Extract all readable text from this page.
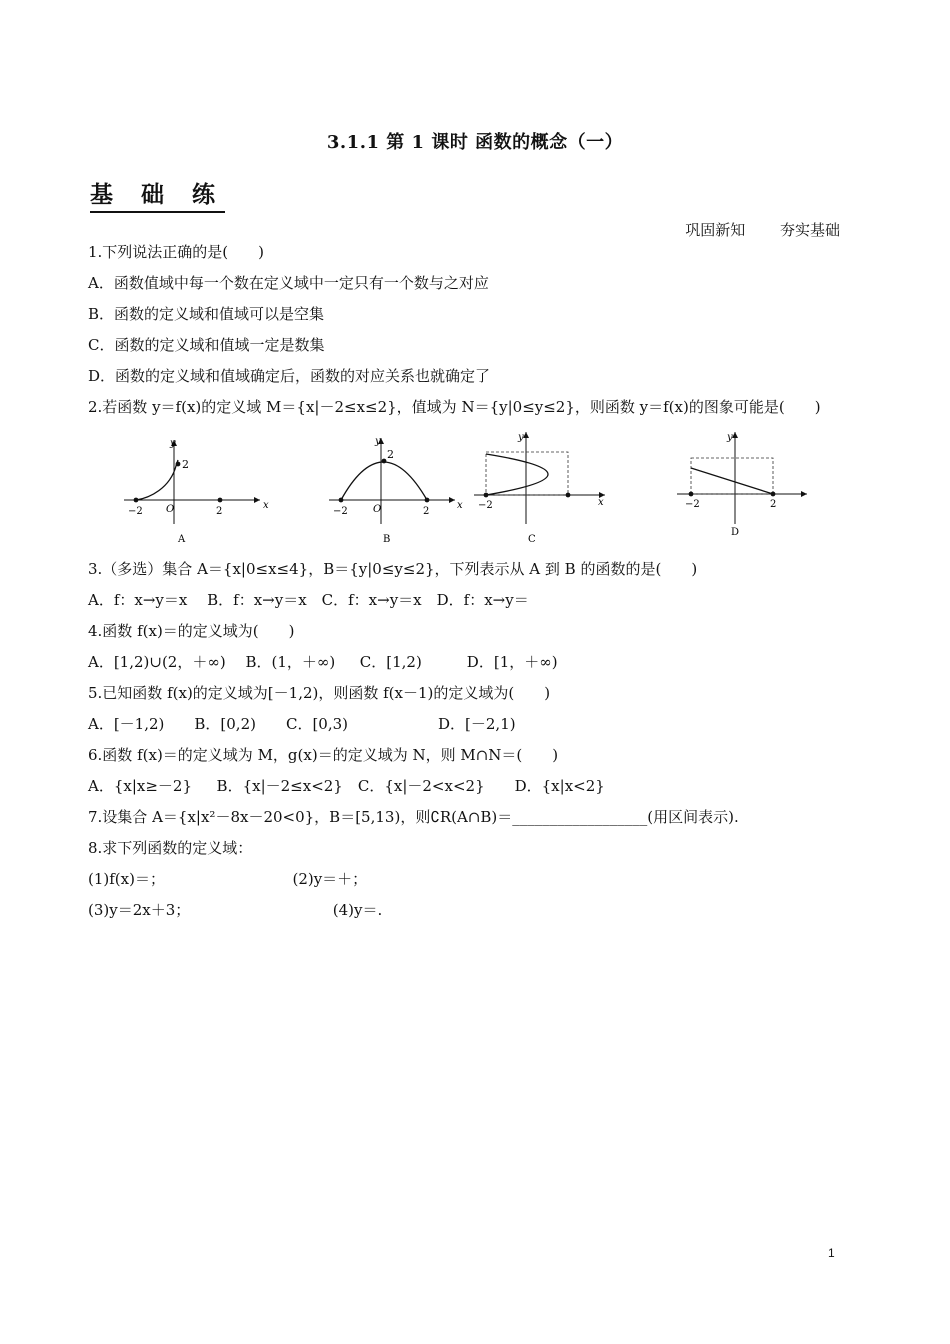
3.1.1 第 1 课时 函数的概念（一）
基 础 练
巩固新知 夯实基础
1.下列说法正确的是(　　)
A．函数值域中每一个数在定义域中一定只有一个数与之对应
B．函数的定义域和值域可以是空集
C．函数的定义域和值域一定是数集
D．函数的定义域和值域确定后，函数的对应关系也就确定了
2.若函数 y＝f(x)的定义域 M＝{x|－2≤x≤2}，值域为 N＝{y|0≤y≤2}，则函数 y＝f(x)的图象可能是(　　)
y
x
2
−2	2
O
A
y
x
2
−2	2
O
B
y
x
−2
C
y
−2	2
D
3.（多选）集合 A＝{x|0≤x≤4}，B＝{y|0≤y≤2}，下列表示从 A 到 B 的函数的是(　　)
A．f：x→y＝x　 B．f：x→y＝x　C．f：x→y＝x　D．f：x→y＝
4.函数 f(x)＝的定义域为(　　)
A．[1,2)∪(2，＋∞)　 B．(1，＋∞)　  C．[1,2)　　　D．[1，＋∞)
5.已知函数 f(x)的定义域为[－1,2)，则函数 f(x－1)的定义域为(　　)
A．[－1,2)　　B．[0,2)　　C．[0,3)　　　　　　D．[－2,1)
6.函数 f(x)＝的定义域为 M，g(x)＝的定义域为 N，则 M∩N＝(　　)
A．{x|x≥－2}　  B．{x|－2≤x<2}　C．{x|－2<x<2}　　D．{x|x<2}
7.设集合 A＝{x|x²－8x－20<0}，B＝[5,13)，则∁R(A∩B)＝__________________(用区间表示).
8.求下列函数的定义域：
(1)f(x)＝；　　　　　　　　　(2)y＝＋；
(3)y＝2x＋3；　　　　　　　　　　(4)y＝.
1
